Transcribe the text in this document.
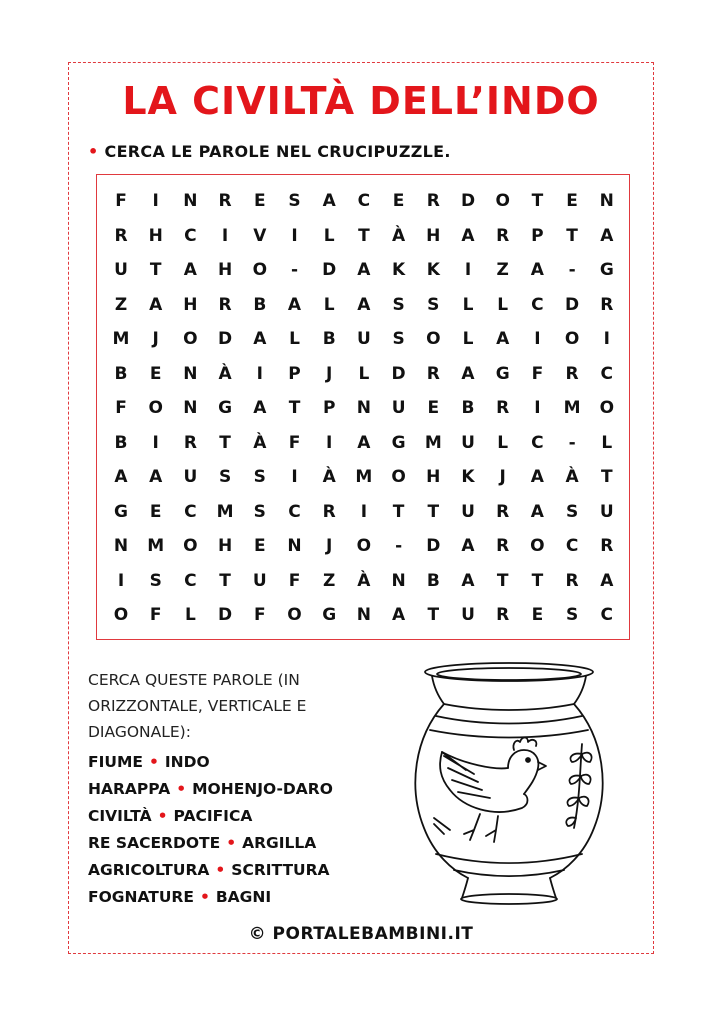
LA CIVILTÀ DELL’INDO
• CERCA LE PAROLE NEL CRUCIPUZZLE.
F	I	N	R	E	S	A	C	E	R	D	O	T	E	N
R	H	C	I	V	I	L	T	À	H	A	R	P	T	A
U	T	A	H	O	-	D	A	K	K	I	Z	A	-	G
Z	A	H	R	B	A	L	A	S	S	L	L	C	D	R
M	J	O	D	A	L	B	U	S	O	L	A	I	O	I
B	E	N	À	I	P	J	L	D	R	A	G	F	R	C
F	O	N	G	A	T	P	N	U	E	B	R	I	M	O
B	I	R	T	À	F	I	A	G	M	U	L	C	-	L
A	A	U	S	S	I	À	M	O	H	K	J	A	À	T
G	E	C	M	S	C	R	I	T	T	U	R	A	S	U
N	M	O	H	E	N	J	O	-	D	A	R	O	C	R
I	S	C	T	U	F	Z	À	N	B	A	T	T	R	A
O	F	L	D	F	O	G	N	A	T	U	R	E	S	C

CERCA QUESTE PAROLE (IN ORIZZONTALE, VERTICALE E DIAGONALE):

FIUME • INDO
HARAPPA • MOHENJO-DARO
CIVILTÀ • PACIFICA
RE SACERDOTE • ARGILLA
AGRICOLTURA • SCRITTURA
FOGNATURE • BAGNI
© PORTALEBAMBINI.IT
